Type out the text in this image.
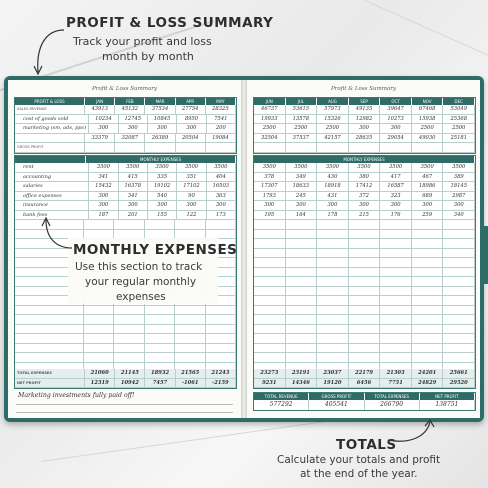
PROFIT & LOSS SUMMARY
Track your profit and loss
month by month
Profit & Loss Summary
PROFIT & LOSS	JAN	FEB	MAR	APR	MAY
SALES REVENUE	43913	45132	37534	27754	28325
cost of goods sold	10234	12745	10845	8950	7541
marketing (sm, ads, ppc)	300	300	300	300	200
33379	32087	26389	20504	19084
GROSS PROFIT
MONTHLY EXPENSES
rent	3500	3500	3500	3500	3500
accounting	341	415	335	351	404
salaries	15432	16378	19102	17102	16503
office expenses	300	341	540	90	363
insurance	300	300	300	300	300
bank fees	187	201	155	122	173
TOTAL EXPENSES	21060	21145	18932	21565	21243
NET PROFIT	12319	10942	7457	-1061	-2159
Marketing investments fully paid off!
Profit & Loss Summary
JUN	JUL	AUG	SEP	OCT	NOV	DEC
46737	53615	57973	49135	39647	67468	53049
19933	13578	15326	12982	10273	15938	25368
2500	2500	2500	300	300	2500	2500
32504	37537	42157	28635	29054	49030	25181
MONTHLY EXPENSES
3500	3500	3500	3500	3500	3500	3500
378	349	430	380	417	467	389
17307	18633	18918	17412	16587	18986	18145
1793	245	431	372	323	689	2987
300	300	300	300	300	300	300
195	164	178	215	176	259	340
23273	23191	23037	22179	21303	24201	25661
9231	14346	19120	6456	7751	24829	29520
TOTAL REVENUE	GROSS PROFIT	TOTAL EXPENSES	NET PROFIT
577292	405541	266790	138751
MONTHLY EXPENSES
Use this section to track
your regular monthly
expenses
TOTALS
Calculate your totals and profit
at the end of the year.
